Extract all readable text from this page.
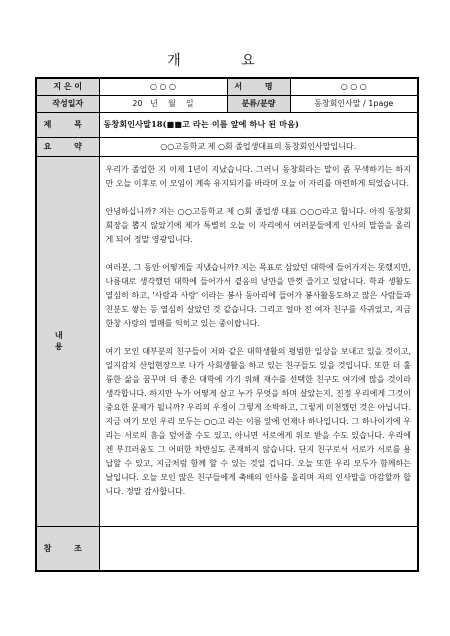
개 요
지 은 이	○ ○ ○	서 명	○ ○ ○
작성일자	20   년    월    일	분류/분량	동창회인사말 / 1page
제 목	동창회인사말18(■■고 라는 이름 앞에 하나 된 마음)		
요 약	○○고등학교 제 ○회 졸업생대표의 동창회인사말입니다.		
내 용	우리가 졸업한 지 이제 1년이 지났습니다. 그러니 동창회라는 말이 좀 무색하기는 하지만 오늘 이후로 이 모임이 계속 유지되기를 바라며 오늘 이 자리를 마련하게 되었습니다.

안녕하십니까? 저는 ○○고등학교 제 ○회 졸업생 대표 ○○○라고 합니다. 아직 동창회 회장을 뽑지 않았기에 제가 특별히 오늘 이 자리에서 여러분들에게 인사의 말씀을 올리게 되어 정말 영광입니다.

여러분, 그 동안 어떻게들 지냈습니까? 저는 목표로 삼았던 대학에 들어가지는 못했지만, 나름대로 생각했던 대학에 들어가서 곁음의 낭만을 만껏 즐기고 있답니다. 학과 생활도 열심히 하고, '사람과 사랑' 이라는 봉사 동아리에 들어가 봉사활동도하고 많은 사람들과 친분도 쌓는 등 열심히 살았던 것 같습니다. 그리고 얼마 전 여자 친구를 사귀었고, 지금 한창 사랑의 열매를 익히고 있는 중이랍니다.

여기 모인 대부분의 친구들이 저와 같은 대학생활의 평범한 일상을 보내고 있을 것이고, 일지감치 산업현장으로 나가 사회생활을 하고 있는 친구들도 있을 것입니다. 또한 더 훌륭한 삶을 꿈꾸며 더 좋은 대학에 가기 위해 재수를 선택한 친구도 여기에 많을 것이라 생각합니다. 하지만 누가 어떻게 살고 누가 무엇을 하며 살았는지, 진정 우리에게 그것이 중요한 문제가 될니까? 우리의 우정이 그렇게 소박하고, 그렇게 미천했던 것은 아닙니다. 지금 여기 모인 우리 모두는 ○○고 라는 이름 앞에 언제나 하나입니다. 그 하나이기에 우리는 서로의 흠을 덮어줄 수도 있고, 아니면 서로에게 위로 받을 수도 있습니다. 우리에겐 부끄러움도 그 어떠한 차반심도 존재하지 않습니다. 단지 친구로서 서로가 서로를 용납할 수 있고, 지금처럼 함께 할 수 있는 것일 겁니다. 오늘 또한 우리 모두가 함께하는 날입니다. 오늘 모인 많은 친구들에게 축배의 인사를 올리며 저의 인사말을 마감할까 합니다. 정말 감사합니다.		

참 조			
